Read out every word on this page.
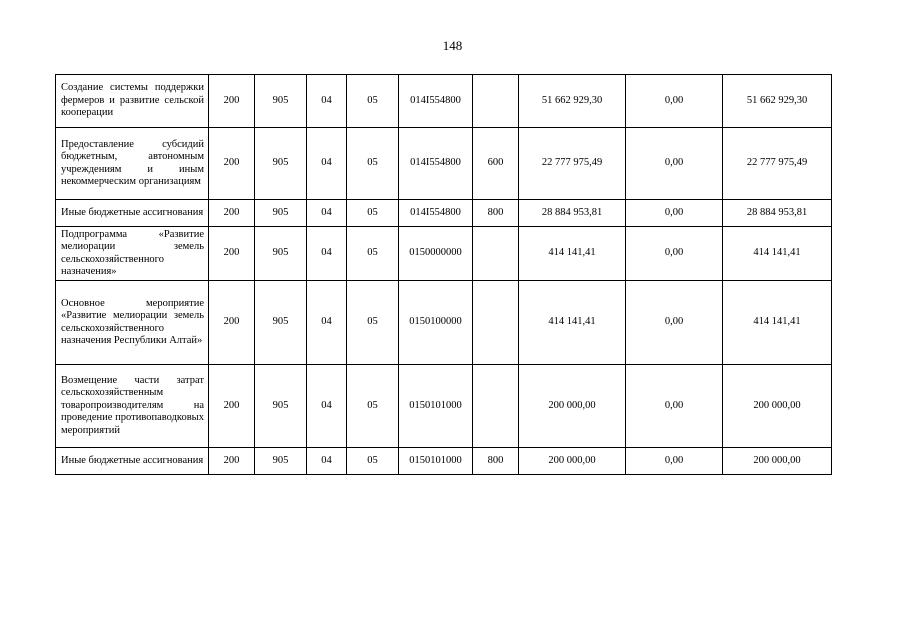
148
Создание системы поддержки фермеров и развитие сельской кооперации	200	905	04	05	014I554800		51 662 929,30	0,00	51 662 929,30
Предоставление субсидий бюджетным, автономным учреждениям и иным некоммерческим организациям	200	905	04	05	014I554800	600	22 777 975,49	0,00	22 777 975,49
Иные бюджетные ассигнования	200	905	04	05	014I554800	800	28 884 953,81	0,00	28 884 953,81
Подпрограмма «Развитие мелиорации земель сельскохозяйственного назначения»	200	905	04	05	0150000000		414 141,41	0,00	414 141,41
Основное мероприятие «Развитие мелиорации земель сельскохозяйственного назначения Республики Алтай»	200	905	04	05	0150100000		414 141,41	0,00	414 141,41
Возмещение части затрат сельскохозяйственным товаропроизводителям на проведение противопаводковых мероприятий	200	905	04	05	0150101000		200 000,00	0,00	200 000,00
Иные бюджетные ассигнования	200	905	04	05	0150101000	800	200 000,00	0,00	200 000,00
